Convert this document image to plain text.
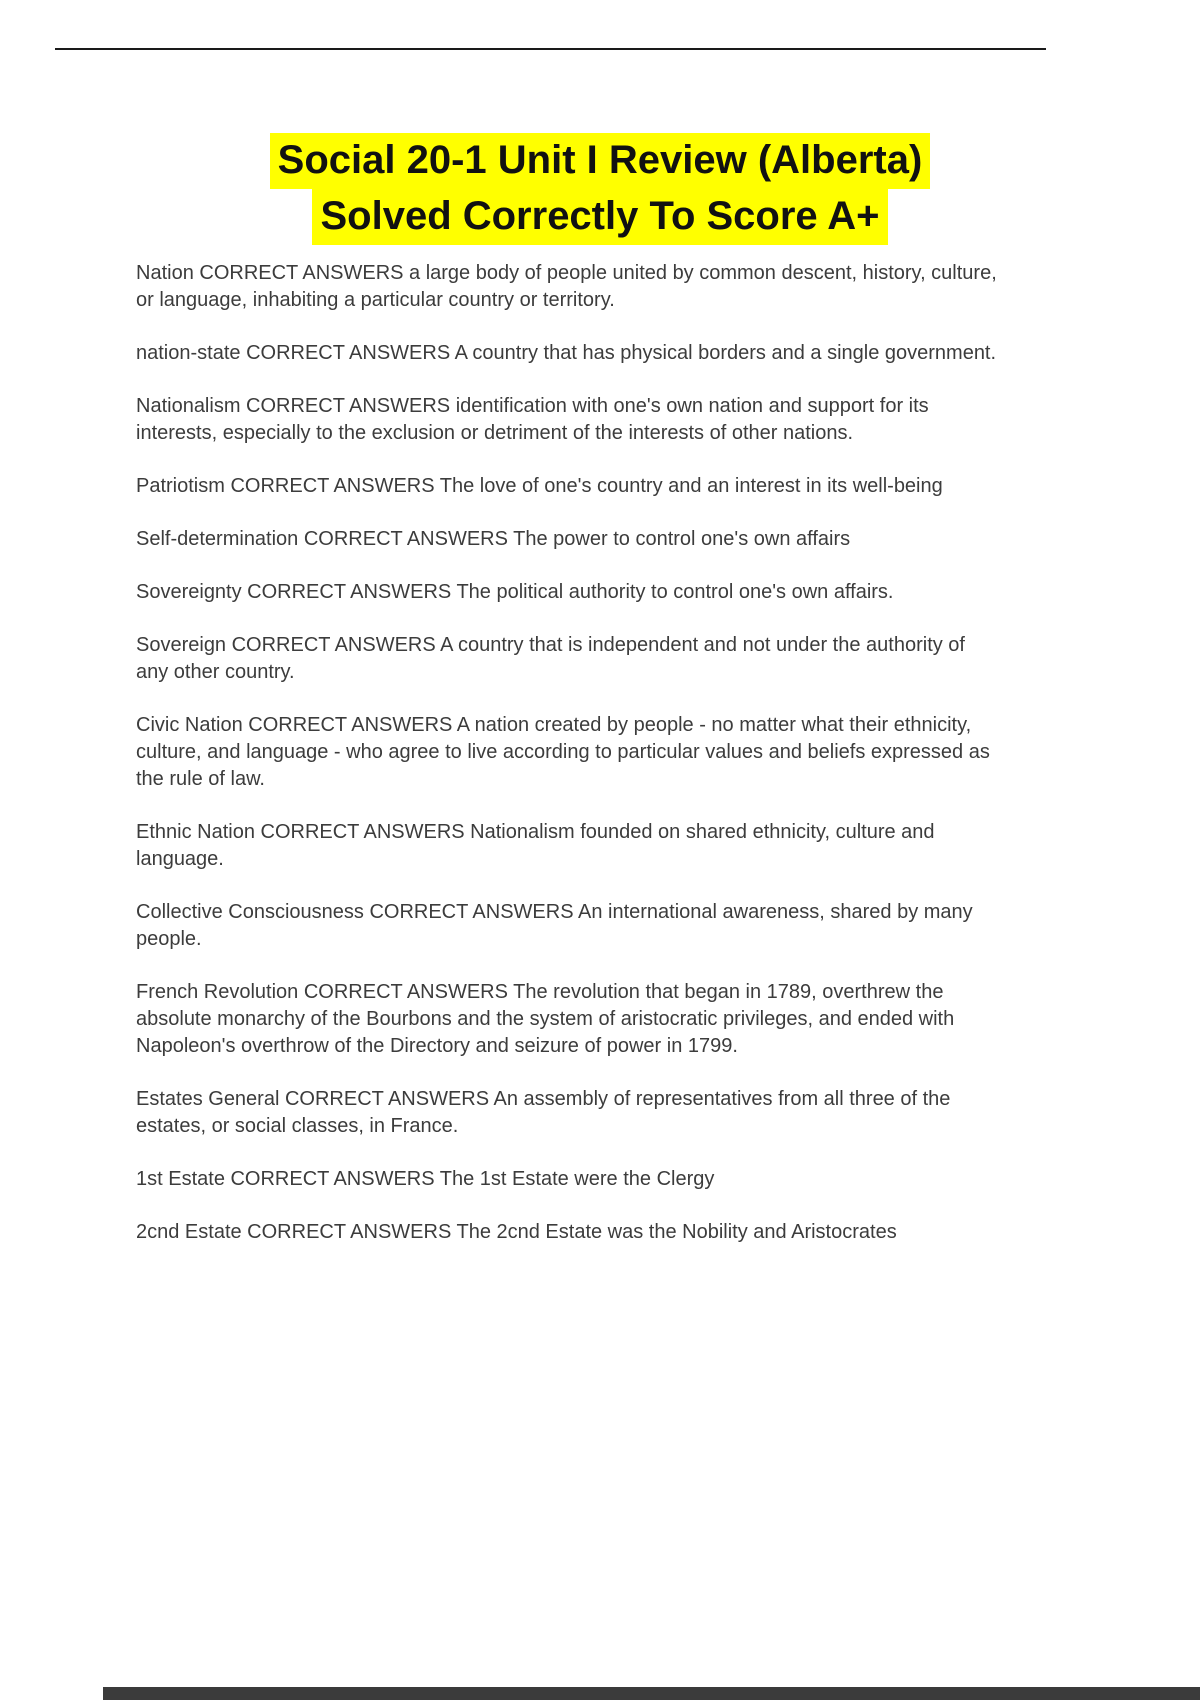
Social 20-1 Unit I Review (Alberta)
Solved Correctly To Score A+

Nation CORRECT ANSWERS a large body of people united by common descent, history, culture, or language, inhabiting a particular country or territory.

nation-state CORRECT ANSWERS A country that has physical borders and a single government.

Nationalism CORRECT ANSWERS identification with one's own nation and support for its interests, especially to the exclusion or detriment of the interests of other nations.

Patriotism CORRECT ANSWERS The love of one's country and an interest in its well-being

Self-determination CORRECT ANSWERS The power to control one's own affairs

Sovereignty CORRECT ANSWERS The political authority to control one's own affairs.

Sovereign CORRECT ANSWERS A country that is independent and not under the authority of any other country.

Civic Nation CORRECT ANSWERS A nation created by people - no matter what their ethnicity, culture, and language - who agree to live according to particular values and beliefs expressed as the rule of law.

Ethnic Nation CORRECT ANSWERS Nationalism founded on shared ethnicity, culture and language.

Collective Consciousness CORRECT ANSWERS An international awareness, shared by many people.

French Revolution CORRECT ANSWERS The revolution that began in 1789, overthrew the absolute monarchy of the Bourbons and the system of aristocratic privileges, and ended with Napoleon's overthrow of the Directory and seizure of power in 1799.

Estates General CORRECT ANSWERS An assembly of representatives from all three of the estates, or social classes, in France.

1st Estate CORRECT ANSWERS The 1st Estate were the Clergy

2cnd Estate CORRECT ANSWERS The 2cnd Estate was the Nobility and Aristocrates
